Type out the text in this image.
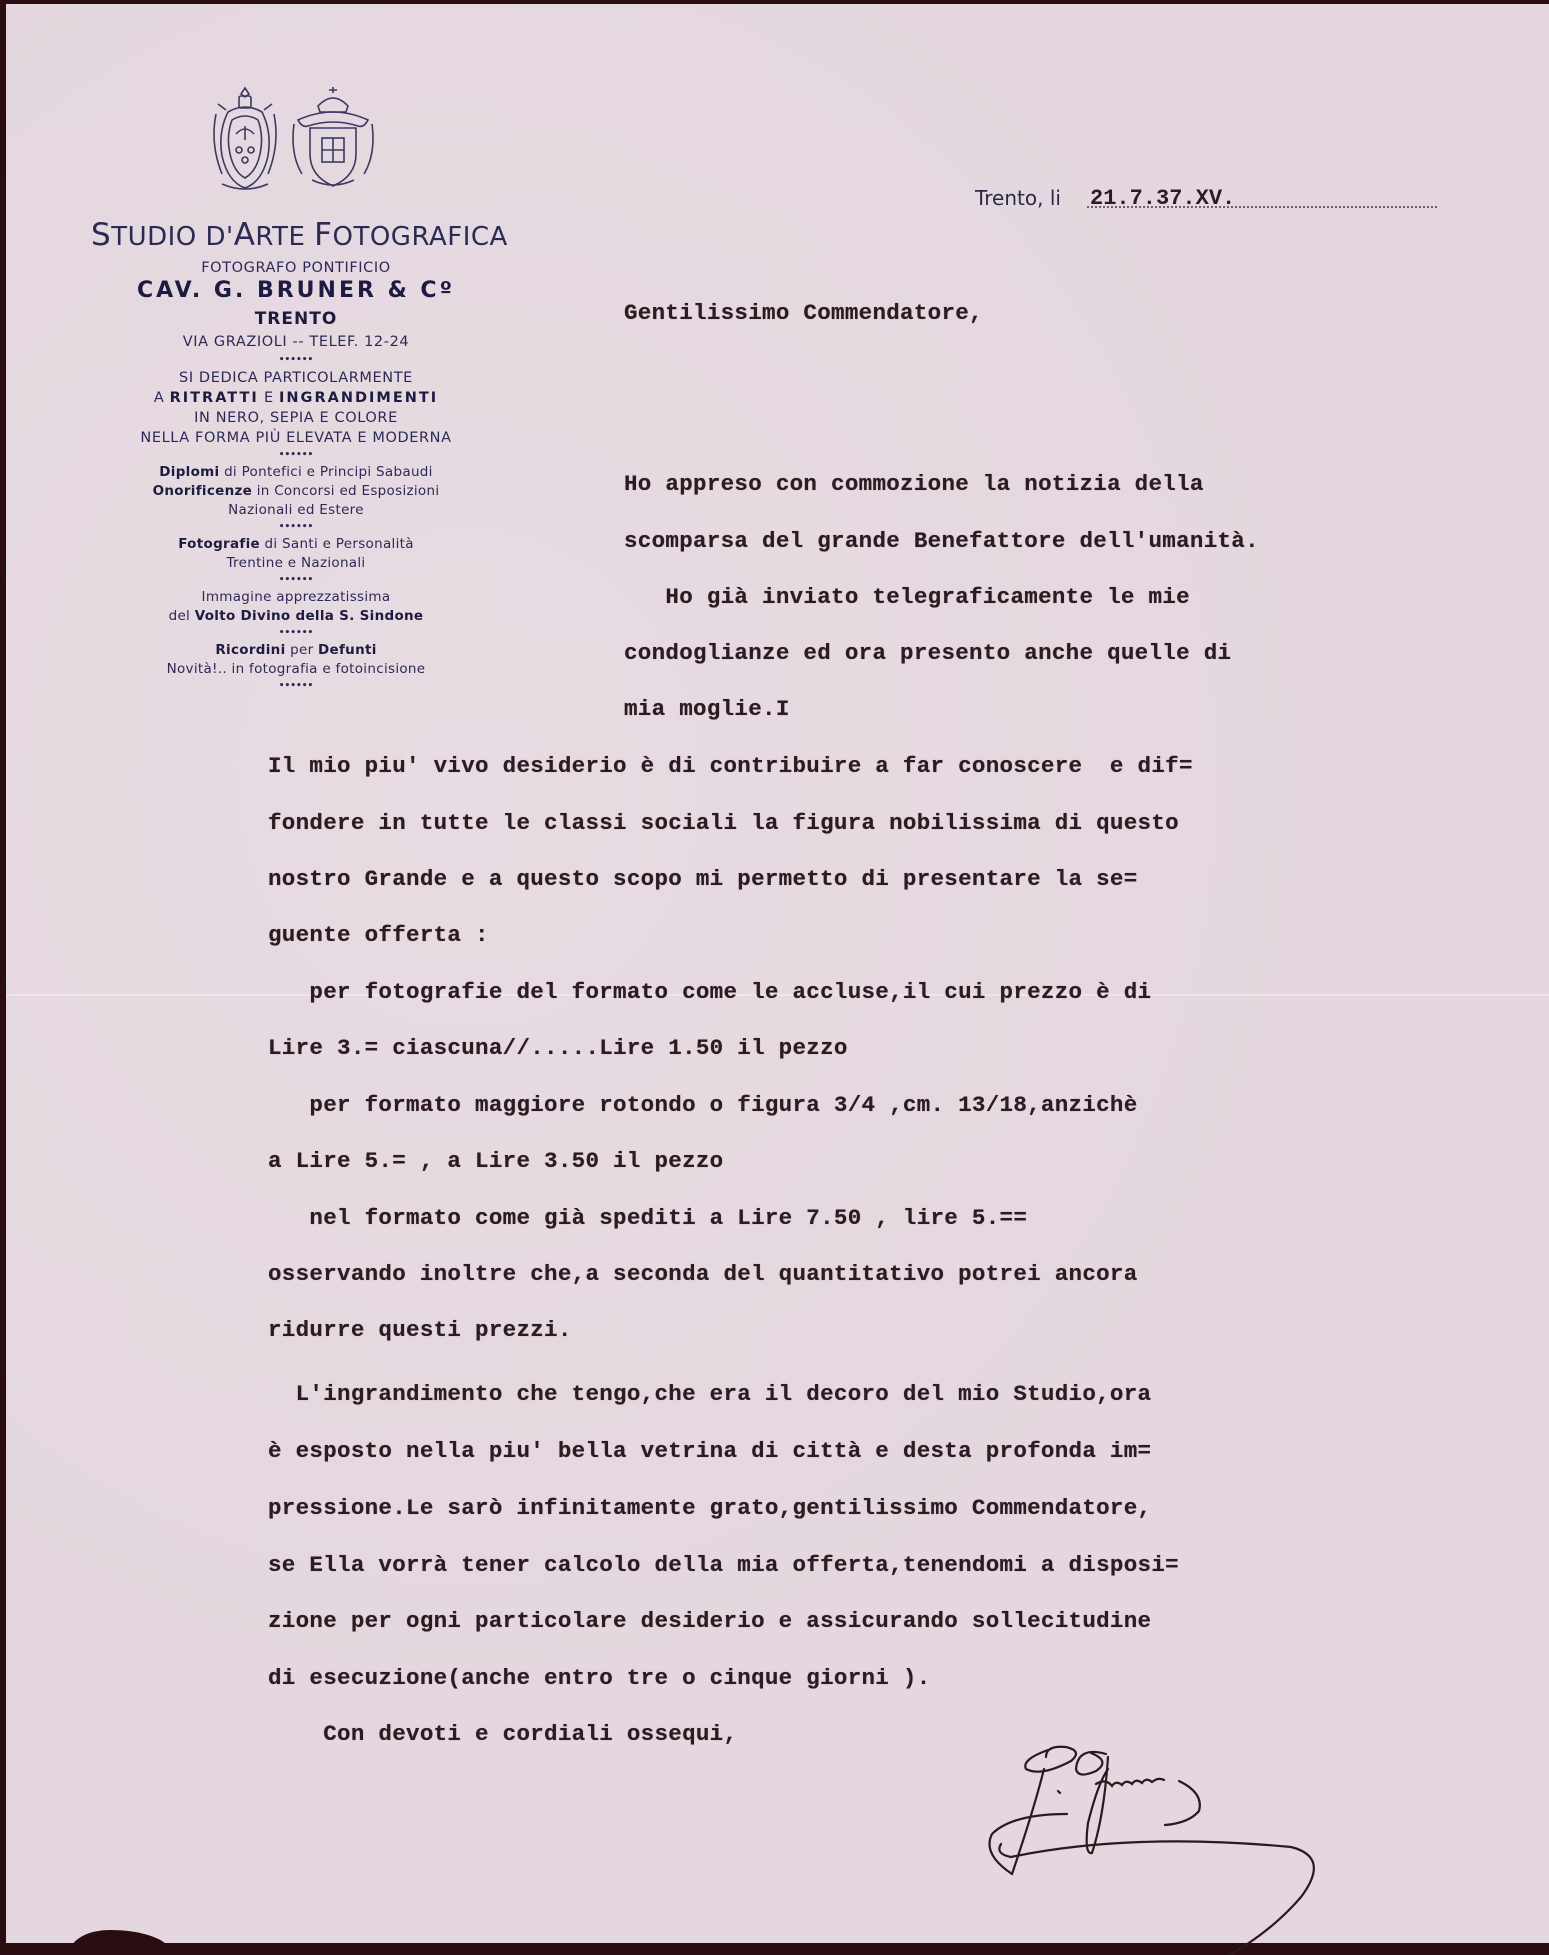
STUDIO D'ARTE FOTOGRAFICA
FOTOGRAFO PONTIFICIO
CAV. G. BRUNER & Cº
TRENTO
VIA GRAZIOLI -- TELEF. 12-24
••••••
SI DEDICA PARTICOLARMENTE
A RITRATTI E INGRANDIMENTI
IN NERO, SEPIA E COLORE
NELLA FORMA PIÙ ELEVATA E MODERNA
••••••
Diplomi di Pontefici e Principi Sabaudi
Onorificenze in Concorsi ed Esposizioni
Nazionali ed Estere
••••••
Fotografie di Santi e Personalità
Trentine e Nazionali
••••••
Immagine apprezzatissima
del Volto Divino della S. Sindone
••••••
Ricordini per Defunti
Novità!.. in fotografia e fotoincisione
••••••
Trento, li 21.7.37.XV.
Gentilissimo Commendatore,
Ho appreso con commozione la notizia della
scomparsa del grande Benefattore dell'umanità.
Ho già inviato telegraficamente le mie
condoglianze ed ora presento anche quelle di
mia moglie.I
Il mio piu' vivo desiderio è di contribuire a far conoscere  e dif=
fondere in tutte le classi sociali la figura nobilissima di questo
nostro Grande e a questo scopo mi permetto di presentare la se=
guente offerta :
per fotografie del formato come le accluse,il cui prezzo è di
Lire 3.= ciascuna//.....Lire 1.50 il pezzo
per formato maggiore rotondo o figura 3/4 ,cm. 13/18,anzichè
a Lire 5.= , a Lire 3.50 il pezzo
nel formato come già spediti a Lire 7.50 , lire 5.==
osservando inoltre che,a seconda del quantitativo potrei ancora
ridurre questi prezzi.
L'ingrandimento che tengo,che era il decoro del mio Studio,ora
è esposto nella piu' bella vetrina di città e desta profonda im=
pressione.Le sarò infinitamente grato,gentilissimo Commendatore,
se Ella vorrà tener calcolo della mia offerta,tenendomi a disposi=
zione per ogni particolare desiderio e assicurando sollecitudine
di esecuzione(anche entro tre o cinque giorni ).
Con devoti e cordiali ossequi,
